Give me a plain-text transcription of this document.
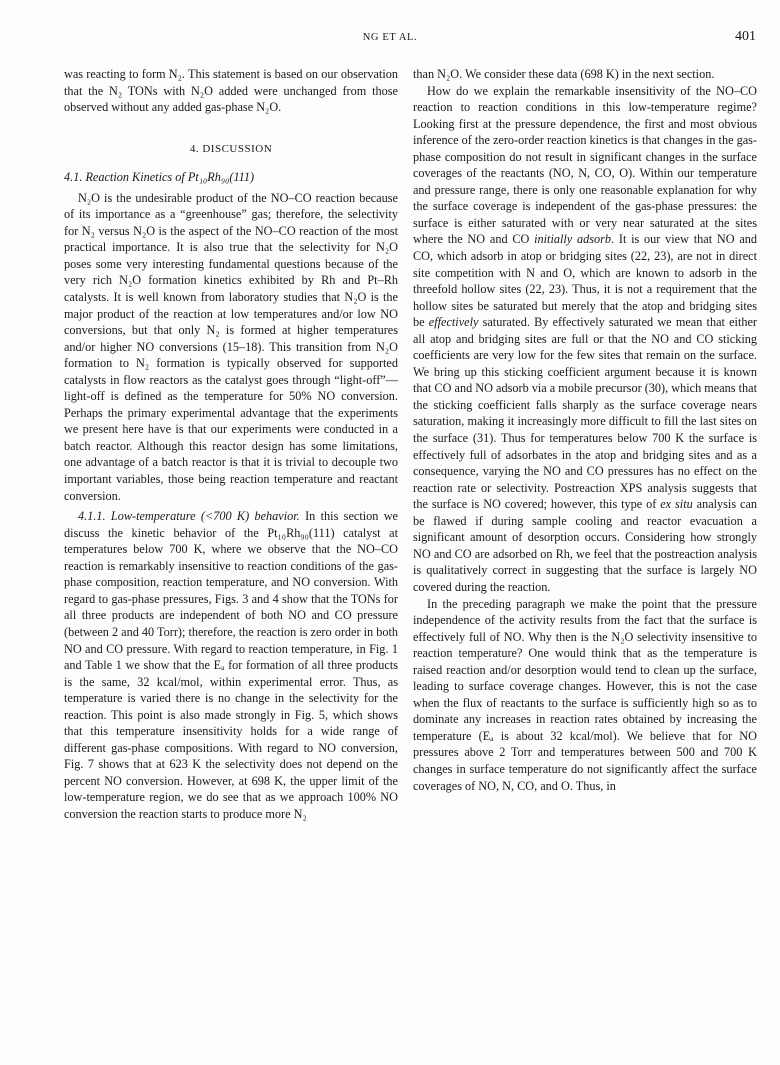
NG ET AL.	401

was reacting to form N₂. This statement is based on our observation that the N₂ TONs with N₂O added were unchanged from those observed without any added gas-phase N₂O.

4. DISCUSSION
4.1. Reaction Kinetics of Pt₁₀Rh₉₀(111)

N₂O is the undesirable product of the NO–CO reaction because of its importance as a “greenhouse” gas; therefore, the selectivity for N₂ versus N₂O is the aspect of the NO–CO reaction of the most practical importance. It is also true that the selectivity for N₂O poses some very interesting fundamental questions because of the very rich N₂O formation kinetics exhibited by Rh and Pt–Rh catalysts. It is well known from laboratory studies that N₂O is the major product of the reaction at low temperatures and/or low NO conversions, but that only N₂ is formed at higher temperatures and/or higher NO conversions (15–18). This transition from N₂O formation to N₂ formation is typically observed for supported catalysts in flow reactors as the catalyst goes through “light-off”—light-off is defined as the temperature for 50% NO conversion. Perhaps the primary experimental advantage that the experiments we present here have is that our experiments were conducted in a batch reactor. Although this reactor design has some limitations, one advantage of a batch reactor is that it is trivial to decouple two important variables, those being reaction temperature and reactant conversion.

4.1.1. Low-temperature (<700 K) behavior. In this section we discuss the kinetic behavior of the Pt₁₀Rh₉₀(111) catalyst at temperatures below 700 K, where we observe that the NO–CO reaction is remarkably insensitive to reaction conditions of the gas-phase composition, reaction temperature, and NO conversion. With regard to gas-phase pressures, Figs. 3 and 4 show that the TONs for all three products are independent of both NO and CO pressure (between 2 and 40 Torr); therefore, the reaction is zero order in both NO and CO pressure. With regard to reaction temperature, in Fig. 1 and Table 1 we show that the Eₐ for formation of all three products is the same, 32 kcal/mol, within experimental error. Thus, as temperature is varied there is no change in the selectivity for the reaction. This point is also made strongly in Fig. 5, which shows that this temperature insensitivity holds for a wide range of different gas-phase compositions. With regard to NO conversion, Fig. 7 shows that at 623 K the selectivity does not depend on the percent NO conversion. However, at 698 K, the upper limit of the low-temperature region, we do see that as we approach 100% NO conversion the reaction starts to produce more N₂

than N₂O. We consider these data (698 K) in the next section.

How do we explain the remarkable insensitivity of the NO–CO reaction to reaction conditions in this low-temperature regime? Looking first at the pressure dependence, the first and most obvious inference of the zero-order reaction kinetics is that changes in the gas-phase composition do not result in significant changes in the surface coverages of the reactants (NO, N, CO, O). Within our temperature and pressure range, there is only one reasonable explanation for why the surface coverage is independent of the gas-phase pressures: the surface is either saturated with or very near saturated at the sites where the NO and CO initially adsorb. It is our view that NO and CO, which adsorb in atop or bridging sites (22, 23), are not in direct site competition with N and O, which are known to adsorb in the threefold hollow sites (22, 23). Thus, it is not a requirement that the hollow sites be saturated but merely that the atop and bridging sites be effectively saturated. By effectively saturated we mean that either all atop and bridging sites are full or that the NO and CO sticking coefficients are very low for the few sites that remain on the surface. We bring up this sticking coefficient argument because it is known that CO and NO adsorb via a mobile precursor (30), which means that the sticking coefficient falls sharply as the surface coverage nears saturation, making it increasingly more difficult to fill the last sites on the surface (31). Thus for temperatures below 700 K the surface is effectively full of adsorbates in the atop and bridging sites and as a consequence, varying the NO and CO pressures has no effect on the reaction rate or selectivity. Postreaction XPS analysis suggests that the surface is NO covered; however, this type of ex situ analysis can be flawed if during sample cooling and reactor evacuation a significant amount of desorption occurs. Considering how strongly NO and CO are adsorbed on Rh, we feel that the postreaction analysis is qualitatively correct in suggesting that the surface is largely NO covered during the reaction.

In the preceding paragraph we make the point that the pressure independence of the activity results from the fact that the surface is effectively full of NO. Why then is the N₂O selectivity insensitive to reaction temperature? One would think that as the temperature is raised reaction and/or desorption would tend to clean up the surface, leading to surface coverage changes. However, this is not the case when the flux of reactants to the surface is sufficiently high so as to dominate any increases in reaction rates obtained by increasing the temperature (Eₐ is about 32 kcal/mol). We believe that for NO pressures above 2 Torr and temperatures between 500 and 700 K changes in surface temperature do not significantly affect the surface coverages of NO, N, CO, and O. Thus, in
